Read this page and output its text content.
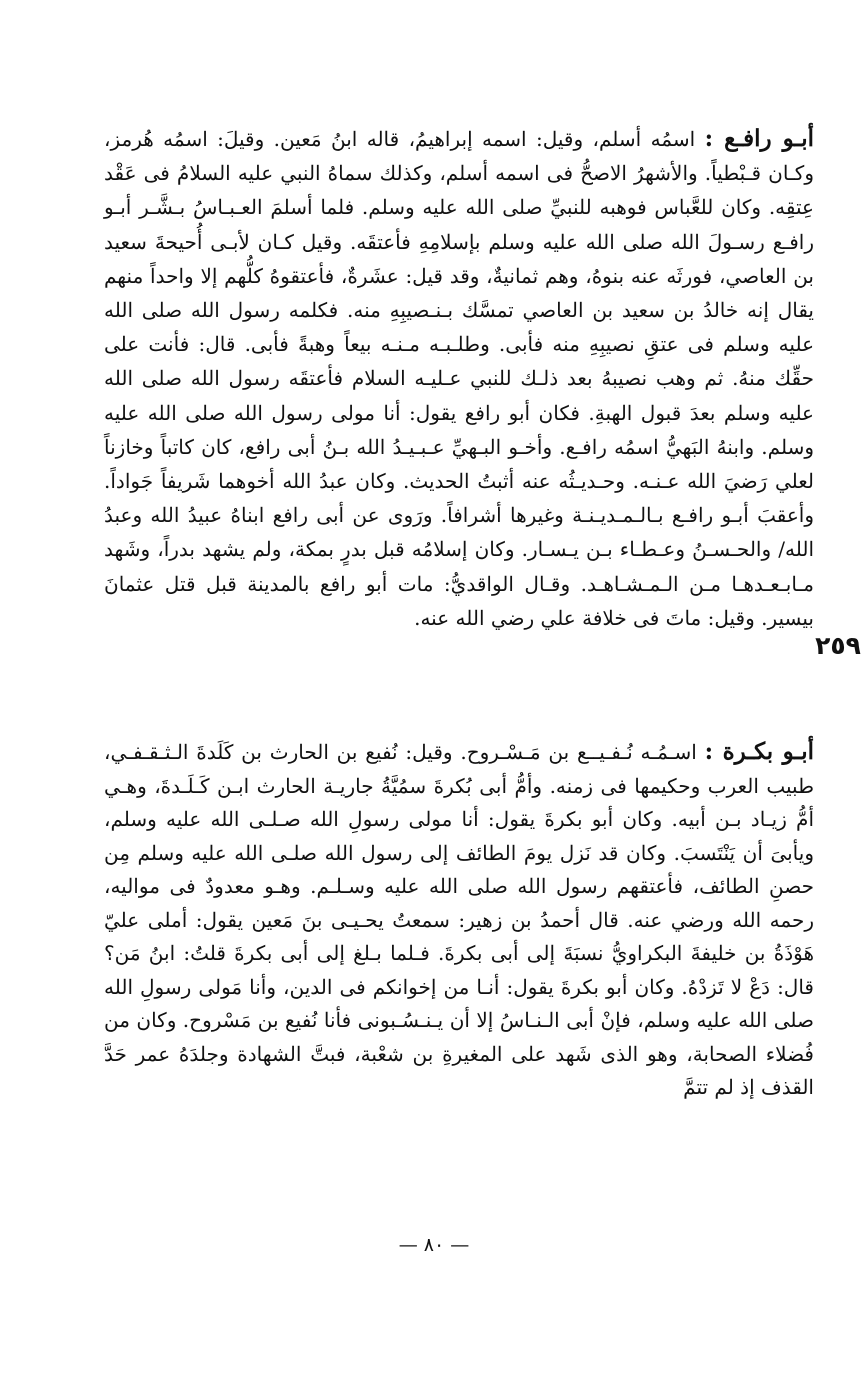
أبـو رافـع : اسمُه أسلم، وقيل: اسمه إبراهيمُ، قاله ابنُ مَعين. وقيلَ: اسمُه هُرمز، وكـان قـبْطياً. والأشهرُ الاصحُّ فى اسمه أسلم، وكذلك سماهُ النبي عليه السلامُ فى عَقْد عِتقِه. وكان للعَّباس فوهبه للنبيِّ صلى الله عليه وسلم. فلما أسلمَ العـبـاسُ بـشَّـر أبـو رافـع رسـولَ الله صلى الله عليه وسلم بإسلامِهِ فأعتقَه. وقيل كـان لأبـى أُحيحةَ سعيد بن العاصي، فورثَه عنه بنوهُ، وهم ثمانيةٌ، وقد قيل: عشَرةٌ، فأعتقوهُ كلُّهم إلا واحداً منهم يقال إنه خالدُ بن سعيد بن العاصي تمسَّك بـنـصيبِهِ منه. فكلمه رسول الله صلى الله عليه وسلم فى عتقِ نصيبِهِ منه فأبى. وطلـبـه مـنـه بيعاً وهبةً فأبى. قال: فأنت على حقِّك منهُ. ثم وهب نصيبهُ بعد ذلـك للنبي عـليـه السلام فأعتقَه رسول الله صلى الله عليه وسلم بعدَ قبول الهبةِ. فكان أبو رافع يقول: أنا مولى رسول الله صلى الله عليه وسلم. وابنهُ البَهيُّ اسمُه رافـع. وأخـو البـهيِّ عـبـيـدُ الله بـنُ أبى رافع، كان كاتباً وخازناً لعلي رَضيَ الله عـنـه. وحـديـثُه عنه أثبتُ الحديث. وكان عبدُ الله أخوهما شَريفاً جَواداً. وأعقبَ أبـو رافـع بـالـمـديـنـة وغيرها أشرافاً. ورَوى عن أبى رافع ابناهُ عبيدُ الله وعبدُ الله/ والحـسـنُ وعـطـاء بـن يـسـار. وكان إسلامُه قبل بدرٍ بمكة، ولم يشهد بدراً، وشَهد مـابـعـدهـا مـن الـمـشـاهـد. وقـال الواقديُّ: مات أبو رافع بالمدينة قبل قتل عثمانَ بيسير. وقيل: ماتَ فى خلافة علي رضي الله عنه.
٢٥٩
أبـو بكـرة : اسـمُـه نُـفـيــع بن مَـسْـروح. وقيل: نُفيع بن الحارث بن كَلَدةَ الـثـقـفـي، طبيب العرب وحكيمها فى زمنه. وأمُّ أبى بُكرةَ سمُيَّةُ جاريـة الحارث ابـن كَـلَـدةَ، وهـي أمُّ زيـاد بـن أبيه. وكان أبو بكرةَ يقول: أنا مولى رسولِ الله صـلـى الله عليه وسلم، ويأبىَ أن يَنْتَسبَ. وكان قد نَزل يومَ الطائف إلى رسول الله صلـى الله عليه وسلم مِن حصنِ الطائف، فأعتقهم رسول الله صلى الله عليه وسـلـم. وهـو معدودٌ فى مواليه، رحمه الله ورضي عنه. قال أحمدُ بن زهير: سمعتُ يحـيـى بنَ مَعين يقول: أملى عليّ هَوْذَةُ بن خليفةَ البكراويُّ نسبَةَ إلى أبى بكرةَ. فـلما بـلغ إلى أبى بكرةَ قلتُ: ابنُ مَن؟ قال: دَعْ لا تَزدْهُ. وكان أبو بكرةَ يقول: أنـا من إخوانكم فى الدين، وأنا مَولى رسولِ الله صلى الله عليه وسلم، فإنْ أبى الـنـاسُ إلا أن يـنـسُـبونى فأنا نُفيع بن مَسْروح. وكان من فُضلاء الصحابة، وهو الذى شَهد على المغيرةِ بن شعْبة، فبتَّ الشهادة وجلدَهُ عمر حَدَّ القذف إذ لم تتمَّ
— ٨٠ —
